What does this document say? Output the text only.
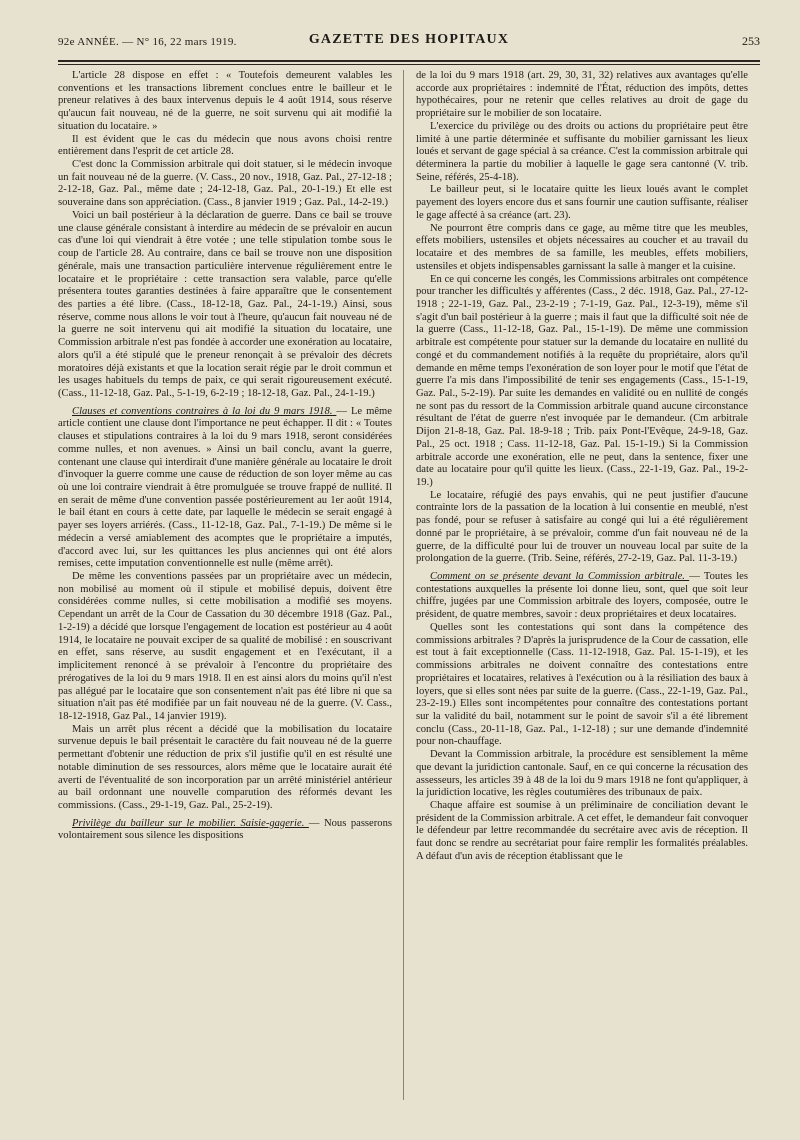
92e ANNÉE. — N° 16, 22 mars 1919.	GAZETTE DES HOPITAUX	253

L'article 28 dispose en effet : « Toutefois demeurent valables les conventions et les transactions librement conclues entre le bailleur et le preneur relatives à des baux intervenus depuis le 4 août 1914, sous réserve qu'aucun fait nouveau, né de la guerre, ne soit survenu qui ait modifié la situation du locataire. »

Il est évident que le cas du médecin que nous avons choisi rentre entièrement dans l'esprit de cet article 28.

C'est donc la Commission arbitrale qui doit statuer, si le médecin invoque un fait nouveau né de la guerre. (V. Cass., 20 nov., 1918, Gaz. Pal., 27-12-18 ; 2-12-18, Gaz. Pal., même date ; 24-12-18, Gaz. Pal., 20-1-19.) Et elle est souveraine dans son appréciation. (Cass., 8 janvier 1919 ; Gaz. Pal., 14-2-19.)

Voici un bail postérieur à la déclaration de guerre. Dans ce bail se trouve une clause générale consistant à interdire au médecin de se prévaloir en aucun cas d'une loi qui viendrait à être votée ; une telle stipulation tombe sous le coup de l'article 28. Au contraire, dans ce bail se trouve non une disposition générale, mais une transaction particulière intervenue régulièrement entre le locataire et le propriétaire : cette transaction sera valable, parce qu'elle présentera toutes garanties destinées à faire apparaître que le consentement des parties a été libre. (Cass., 18-12-18, Gaz. Pal., 24-1-19.) Ainsi, sous réserve, comme nous allons le voir tout à l'heure, qu'aucun fait nouveau né de la guerre ne soit intervenu qui ait modifié la situation du locataire, une Commission arbitrale n'est pas fondée à accorder une exonération au locataire, alors qu'il a été stipulé que le preneur renonçait à se prévaloir des décrets moratoires déjà existants et que la location serait régie par le droit commun et les usages habituels du temps de paix, ce qui serait rigoureusement exécuté. (Cass., 11-12-18, Gaz. Pal., 5-1-19, 6-2-19 ; 18-12-18, Gaz. Pal., 24-1-19.)

Clauses et conventions contraires à la loi du 9 mars 1918. — Le même article contient une clause dont l'importance ne peut échapper. Il dit : « Toutes clauses et stipulations contraires à la loi du 9 mars 1918, seront considérées comme nulles, et non avenues. » Ainsi un bail conclu, avant la guerre, contenant une clause qui interdirait d'une manière générale au locataire le droit d'invoquer la guerre comme une cause de réduction de son loyer même au cas où une loi contraire viendrait à être promulguée se trouve frappé de nullité. Il en serait de même d'une convention passée postérieurement au 1er août 1914, le bail étant en cours à cette date, par laquelle le médecin se serait engagé à payer ses loyers arriérés. (Cass., 11-12-18, Gaz. Pal., 7-1-19.) De même si le médecin a versé amiablement des acomptes que le propriétaire a imputés, d'accord avec lui, sur les quittances les plus anciennes qui ont été alors remises, cette imputation conventionnelle est nulle (même arrêt).

De même les conventions passées par un propriétaire avec un médecin, non mobilisé au moment où il stipule et mobilisé depuis, doivent être considérées comme nulles, si cette mobilisation a modifié ses moyens. Cependant un arrêt de la Cour de Cassation du 30 décembre 1918 (Gaz. Pal., 1-2-19) a décidé que lorsque l'engagement de location est postérieur au 4 août 1914, le locataire ne pouvait exciper de sa qualité de mobilisé : en souscrivant en effet, sans réserve, au susdit engagement et en l'exécutant, il a implicitement renoncé à se prévaloir à l'encontre du propriétaire des prérogatives de la loi du 9 mars 1918. Il en est ainsi alors du moins qu'il n'est pas allégué par le locataire que son consentement n'ait pas été libre ni que sa situation n'ait pas été modifiée par un fait nouveau né de la guerre. (V. Cass., 18-12-1918, Gaz Pal., 14 janvier 1919).

Mais un arrêt plus récent a décidé que la mobilisation du locataire survenue depuis le bail présentait le caractère du fait nouveau né de la guerre permettant d'obtenir une réduction de prix s'il justifie qu'il en est résulté une notable diminution de ses ressources, alors même que le locataire aurait été averti de l'éventualité de son incorporation par un arrêté ministériel antérieur au bail ordonnant une nouvelle comparution des réformés devant les commissions. (Cass., 29-1-19, Gaz. Pal., 25-2-19).

Privilège du bailleur sur le mobilier. Saisie-gagerie. — Nous passerons volontairement sous silence les dispositions

de la loi du 9 mars 1918 (art. 29, 30, 31, 32) relatives aux avantages qu'elle accorde aux propriétaires : indemnité de l'État, réduction des impôts, dettes hypothécaires, pour ne retenir que celles relatives au droit de gage du propriétaire sur le mobilier de son locataire.

L'exercice du privilège ou des droits ou actions du propriétaire peut être limité à une partie déterminée et suffisante du mobilier garnissant les lieux loués et servant de gage spécial à sa créance. C'est la commission arbitrale qui déterminera la partie du mobilier à laquelle le gage sera cantonné (V. trib. Seine, référés, 25-4-18).

Le bailleur peut, si le locataire quitte les lieux loués avant le complet payement des loyers encore dus et sans fournir une caution suffisante, réaliser le gage affecté à sa créance (art. 23).

Ne pourront être compris dans ce gage, au même titre que les meubles, effets mobiliers, ustensiles et objets nécessaires au coucher et au travail du locataire et des membres de sa famille, les meubles, effets mobiliers, ustensiles et objets indispensables garnissant la salle à manger et la cuisine.

En ce qui concerne les congés, les Commissions arbitrales ont compétence pour trancher les difficultés y afférentes (Cass., 2 déc. 1918, Gaz. Pal., 27-12-1918 ; 22-1-19, Gaz. Pal., 23-2-19 ; 7-1-19, Gaz. Pal., 12-3-19), même s'il s'agit d'un bail postérieur à la guerre ; mais il faut que la difficulté soit née de la guerre (Cass., 11-12-18, Gaz. Pal., 15-1-19). De même une commission arbitrale est compétente pour statuer sur la demande du locataire en nullité du congé et du commandement notifiés à la requête du propriétaire, alors qu'il demande en même temps l'exonération de son loyer pour le motif que l'état de guerre l'a mis dans l'impossibilité de tenir ses engagements (Cass., 15-1-19, Gaz. Pal., 5-2-19). Par suite les demandes en validité ou en nullité de congés ne sont pas du ressort de la Commission arbitrale quand aucune circonstance résultant de l'état de guerre n'est invoquée par le demandeur. (Cm arbitrale Dijon 21-8-18, Gaz. Pal. 18-9-18 ; Trib. paix Pont-l'Evêque, 24-9-18, Gaz. Pal., 25 oct. 1918 ; Cass. 11-12-18, Gaz. Pal. 15-1-19.) Si la Commission arbitrale accorde une exonération, elle ne peut, dans la sentence, fixer une date au locataire pour qu'il quitte les lieux. (Cass., 22-1-19, Gaz. Pal., 19-2-19.)

Le locataire, réfugié des pays envahis, qui ne peut justifier d'aucune contrainte lors de la passation de la location à lui consentie en meublé, n'est pas fondé, pour se refuser à satisfaire au congé qui lui a été régulièrement donné par le propriétaire, à se prévaloir, comme d'un fait nouveau né de la guerre, de la difficulté pour lui de trouver un nouveau local par suite de la prolongation de la guerre. (Trib. Seine, référés, 27-2-19, Gaz. Pal. 11-3-19.)

Comment on se présente devant la Commission arbitrale. — Toutes les contestations auxquelles la présente loi donne lieu, sont, quel que soit leur chiffre, jugées par une Commission arbitrale des loyers, composée, outre le président, de quatre membres, savoir : deux propriétaires et deux locataires.

Quelles sont les contestations qui sont dans la compétence des commissions arbitrales ? D'après la jurisprudence de la Cour de cassation, elle est tout à fait exceptionnelle (Cass. 11-12-1918, Gaz. Pal. 15-1-19), et les commissions arbitrales ne doivent connaître des contestations entre propriétaires et locataires, relatives à l'exécution ou à la résiliation des baux à loyers, que si elles sont nées par suite de la guerre. (Cass., 22-1-19, Gaz. Pal., 23-2-19.) Elles sont incompétentes pour connaître des contestations portant sur la validité du bail, notamment sur le point de savoir s'il a été librement conclu (Cass., 20-11-18, Gaz. Pal., 1-12-18) ; sur une demande d'indemnité pour non-chauffage.

Devant la Commission arbitrale, la procédure est sensiblement la même que devant la juridiction cantonale. Sauf, en ce qui concerne la récusation des assesseurs, les articles 39 à 48 de la loi du 9 mars 1918 ne font qu'appliquer, à la juridiction locative, les règles coutumières des tribunaux de paix.

Chaque affaire est soumise à un préliminaire de conciliation devant le président de la Commission arbitrale. A cet effet, le demandeur fait convoquer le défendeur par lettre recommandée du secrétaire avec avis de réception. Il faut donc se rendre au secrétariat pour faire remplir les formalités préalables. A défaut d'un avis de réception établissant que le
